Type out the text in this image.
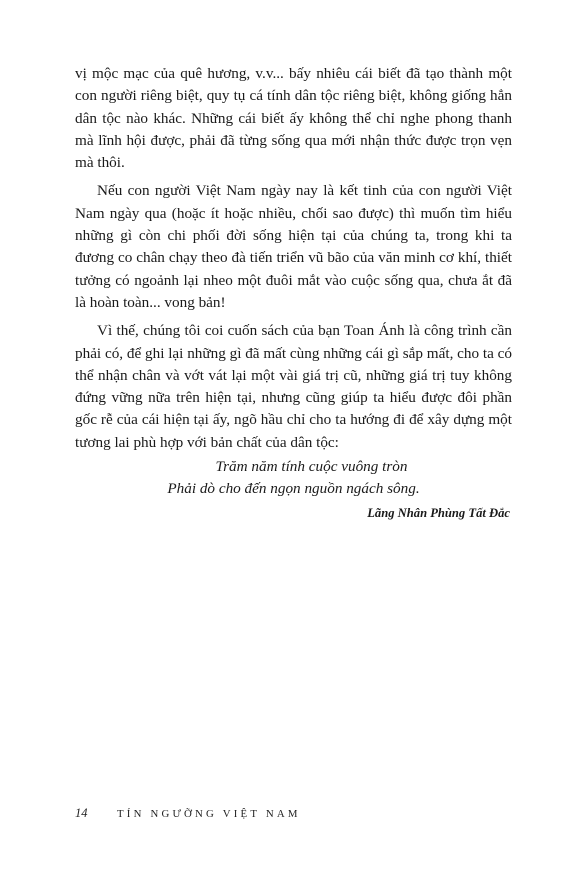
vị mộc mạc của quê hương, v.v... bấy nhiêu cái biết đã tạo thành một con người riêng biệt, quy tụ cá tính dân tộc riêng biệt, không giống hẳn dân tộc nào khác. Những cái biết ấy không thể chỉ nghe phong thanh mà lĩnh hội được, phải đã từng sống qua mới nhận thức được trọn vẹn mà thôi.

Nếu con người Việt Nam ngày nay là kết tinh của con người Việt Nam ngày qua (hoặc ít hoặc nhiều, chối sao được) thì muốn tìm hiểu những gì còn chi phối đời sống hiện tại của chúng ta, trong khi ta đương co chân chạy theo đà tiến triển vũ bão của văn minh cơ khí, thiết tưởng có ngoảnh lại nheo một đuôi mắt vào cuộc sống qua, chưa ắt đã là hoàn toàn... vong bản!

Vì thế, chúng tôi coi cuốn sách của bạn Toan Ánh là công trình cần phải có, để ghi lại những gì đã mất cùng những cái gì sắp mất, cho ta có thể nhận chân và vớt vát lại một vài giá trị cũ, những giá trị tuy không đứng vững nữa trên hiện tại, nhưng cũng giúp ta hiểu được đôi phần gốc rễ của cái hiện tại ấy, ngõ hầu chỉ cho ta hướng đi để xây dựng một tương lai phù hợp với bản chất của dân tộc:

Trăm năm tính cuộc vuông tròn
Phải dò cho đến ngọn nguồn ngách sông.

Lãng Nhân Phùng Tất Đắc

14	TÍN NGƯỠNG VIỆT NAM
